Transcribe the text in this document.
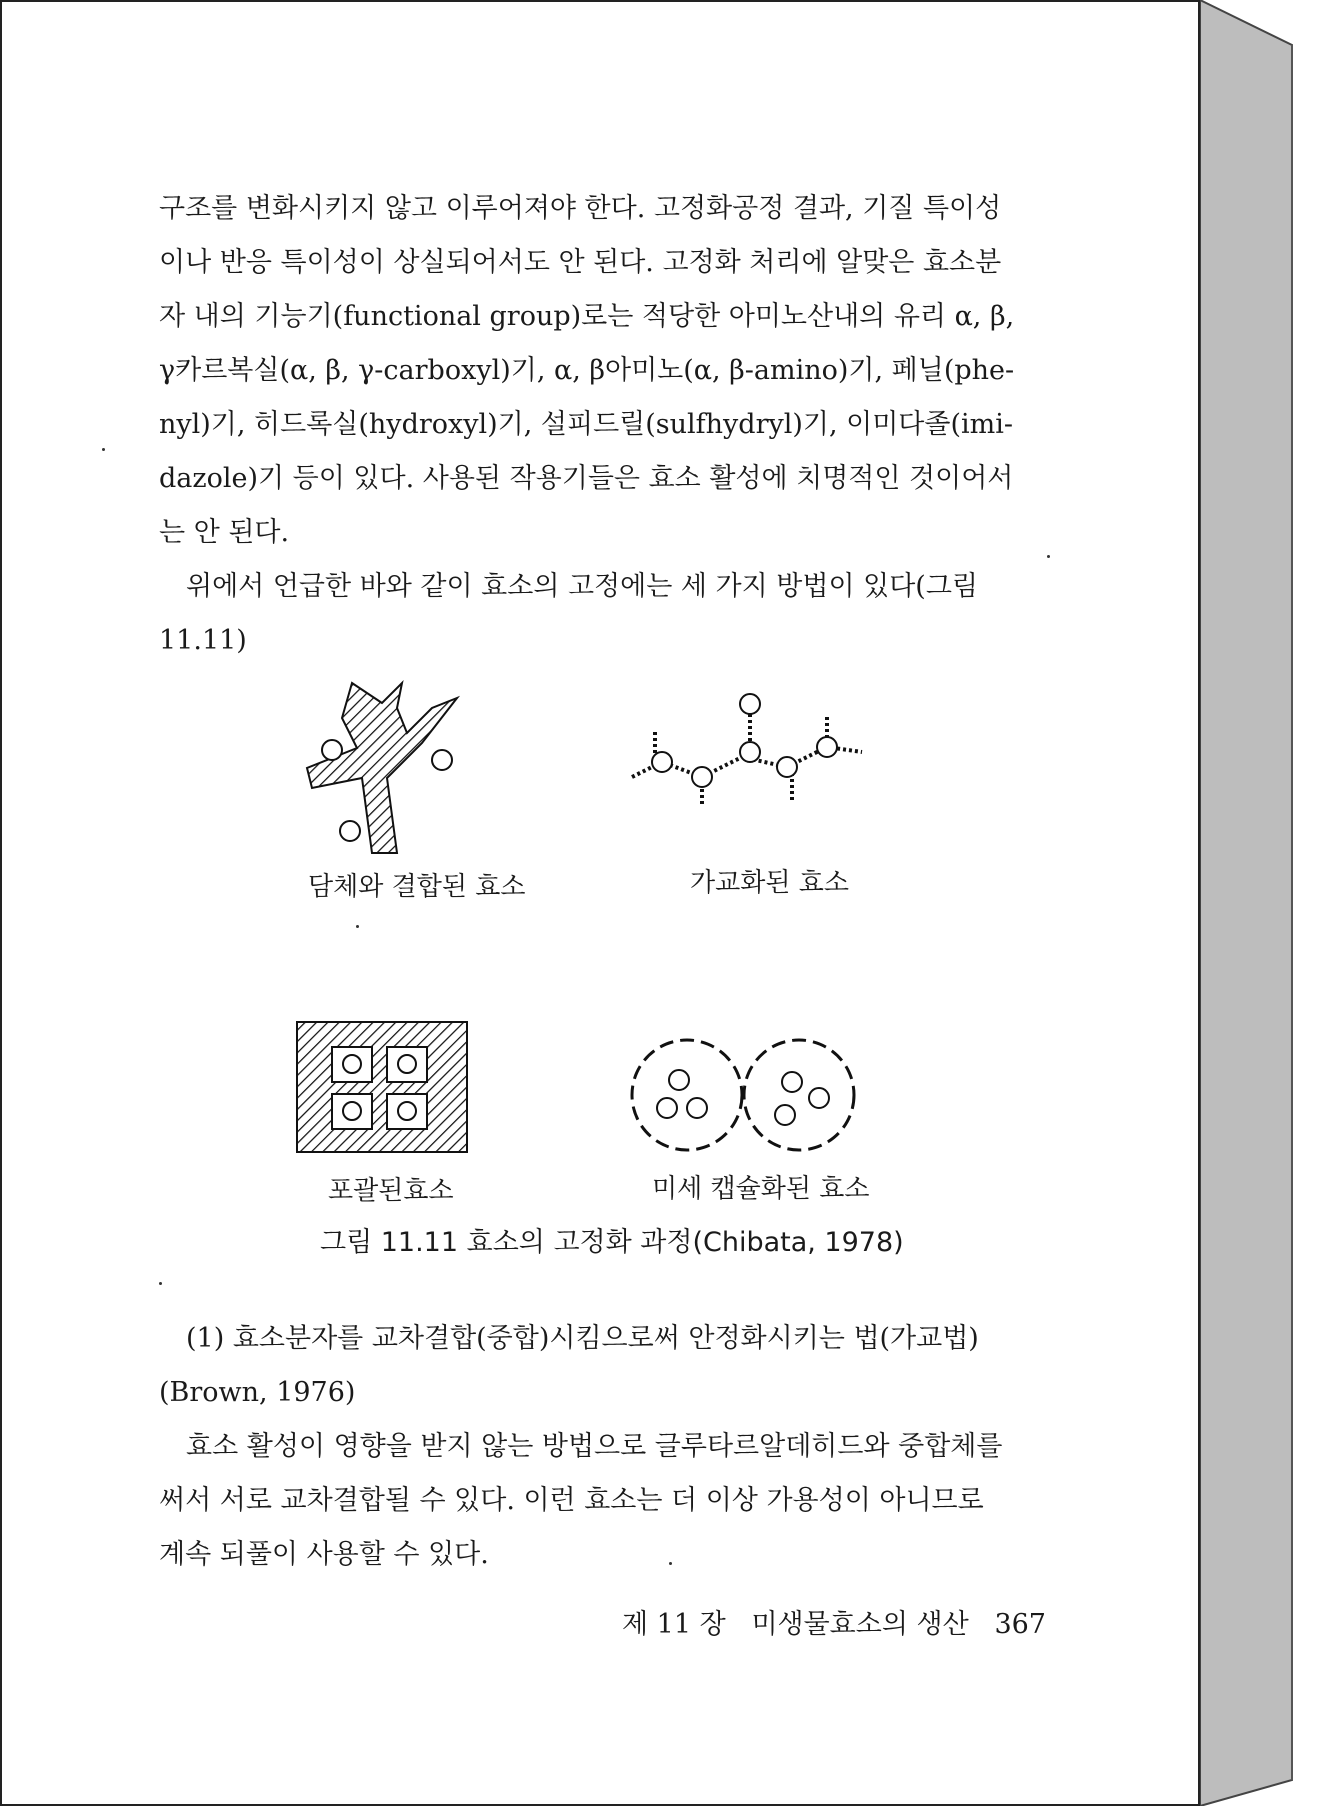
구조를 변화시키지 않고 이루어져야 한다. 고정화공정 결과, 기질 특이성
이나 반응 특이성이 상실되어서도 안 된다. 고정화 처리에 알맞은 효소분
자 내의 기능기(functional group)로는 적당한 아미노산내의 유리 α, β,
γ카르복실(α, β, γ-carboxyl)기, α, β아미노(α, β-amino)기, 페닐(phe-
nyl)기, 히드록실(hydroxyl)기, 설피드릴(sulfhydryl)기, 이미다졸(imi-
dazole)기 등이 있다. 사용된 작용기들은 효소 활성에 치명적인 것이어서
는 안 된다.
　위에서 언급한 바와 같이 효소의 고정에는 세 가지 방법이 있다(그림
11.11)

담체와 결합된 효소	가교화된 효소
포괄된효소	미세 캡슐화된 효소
그림 11.11 효소의 고정화 과정(Chibata, 1978)

　(1) 효소분자를 교차결합(중합)시킴으로써 안정화시키는 법(가교법)
(Brown, 1976)
　효소 활성이 영향을 받지 않는 방법으로 글루타르알데히드와 중합체를
써서 서로 교차결합될 수 있다. 이런 효소는 더 이상 가용성이 아니므로
계속 되풀이 사용할 수 있다.

제 11 장 미생물효소의 생산 367
